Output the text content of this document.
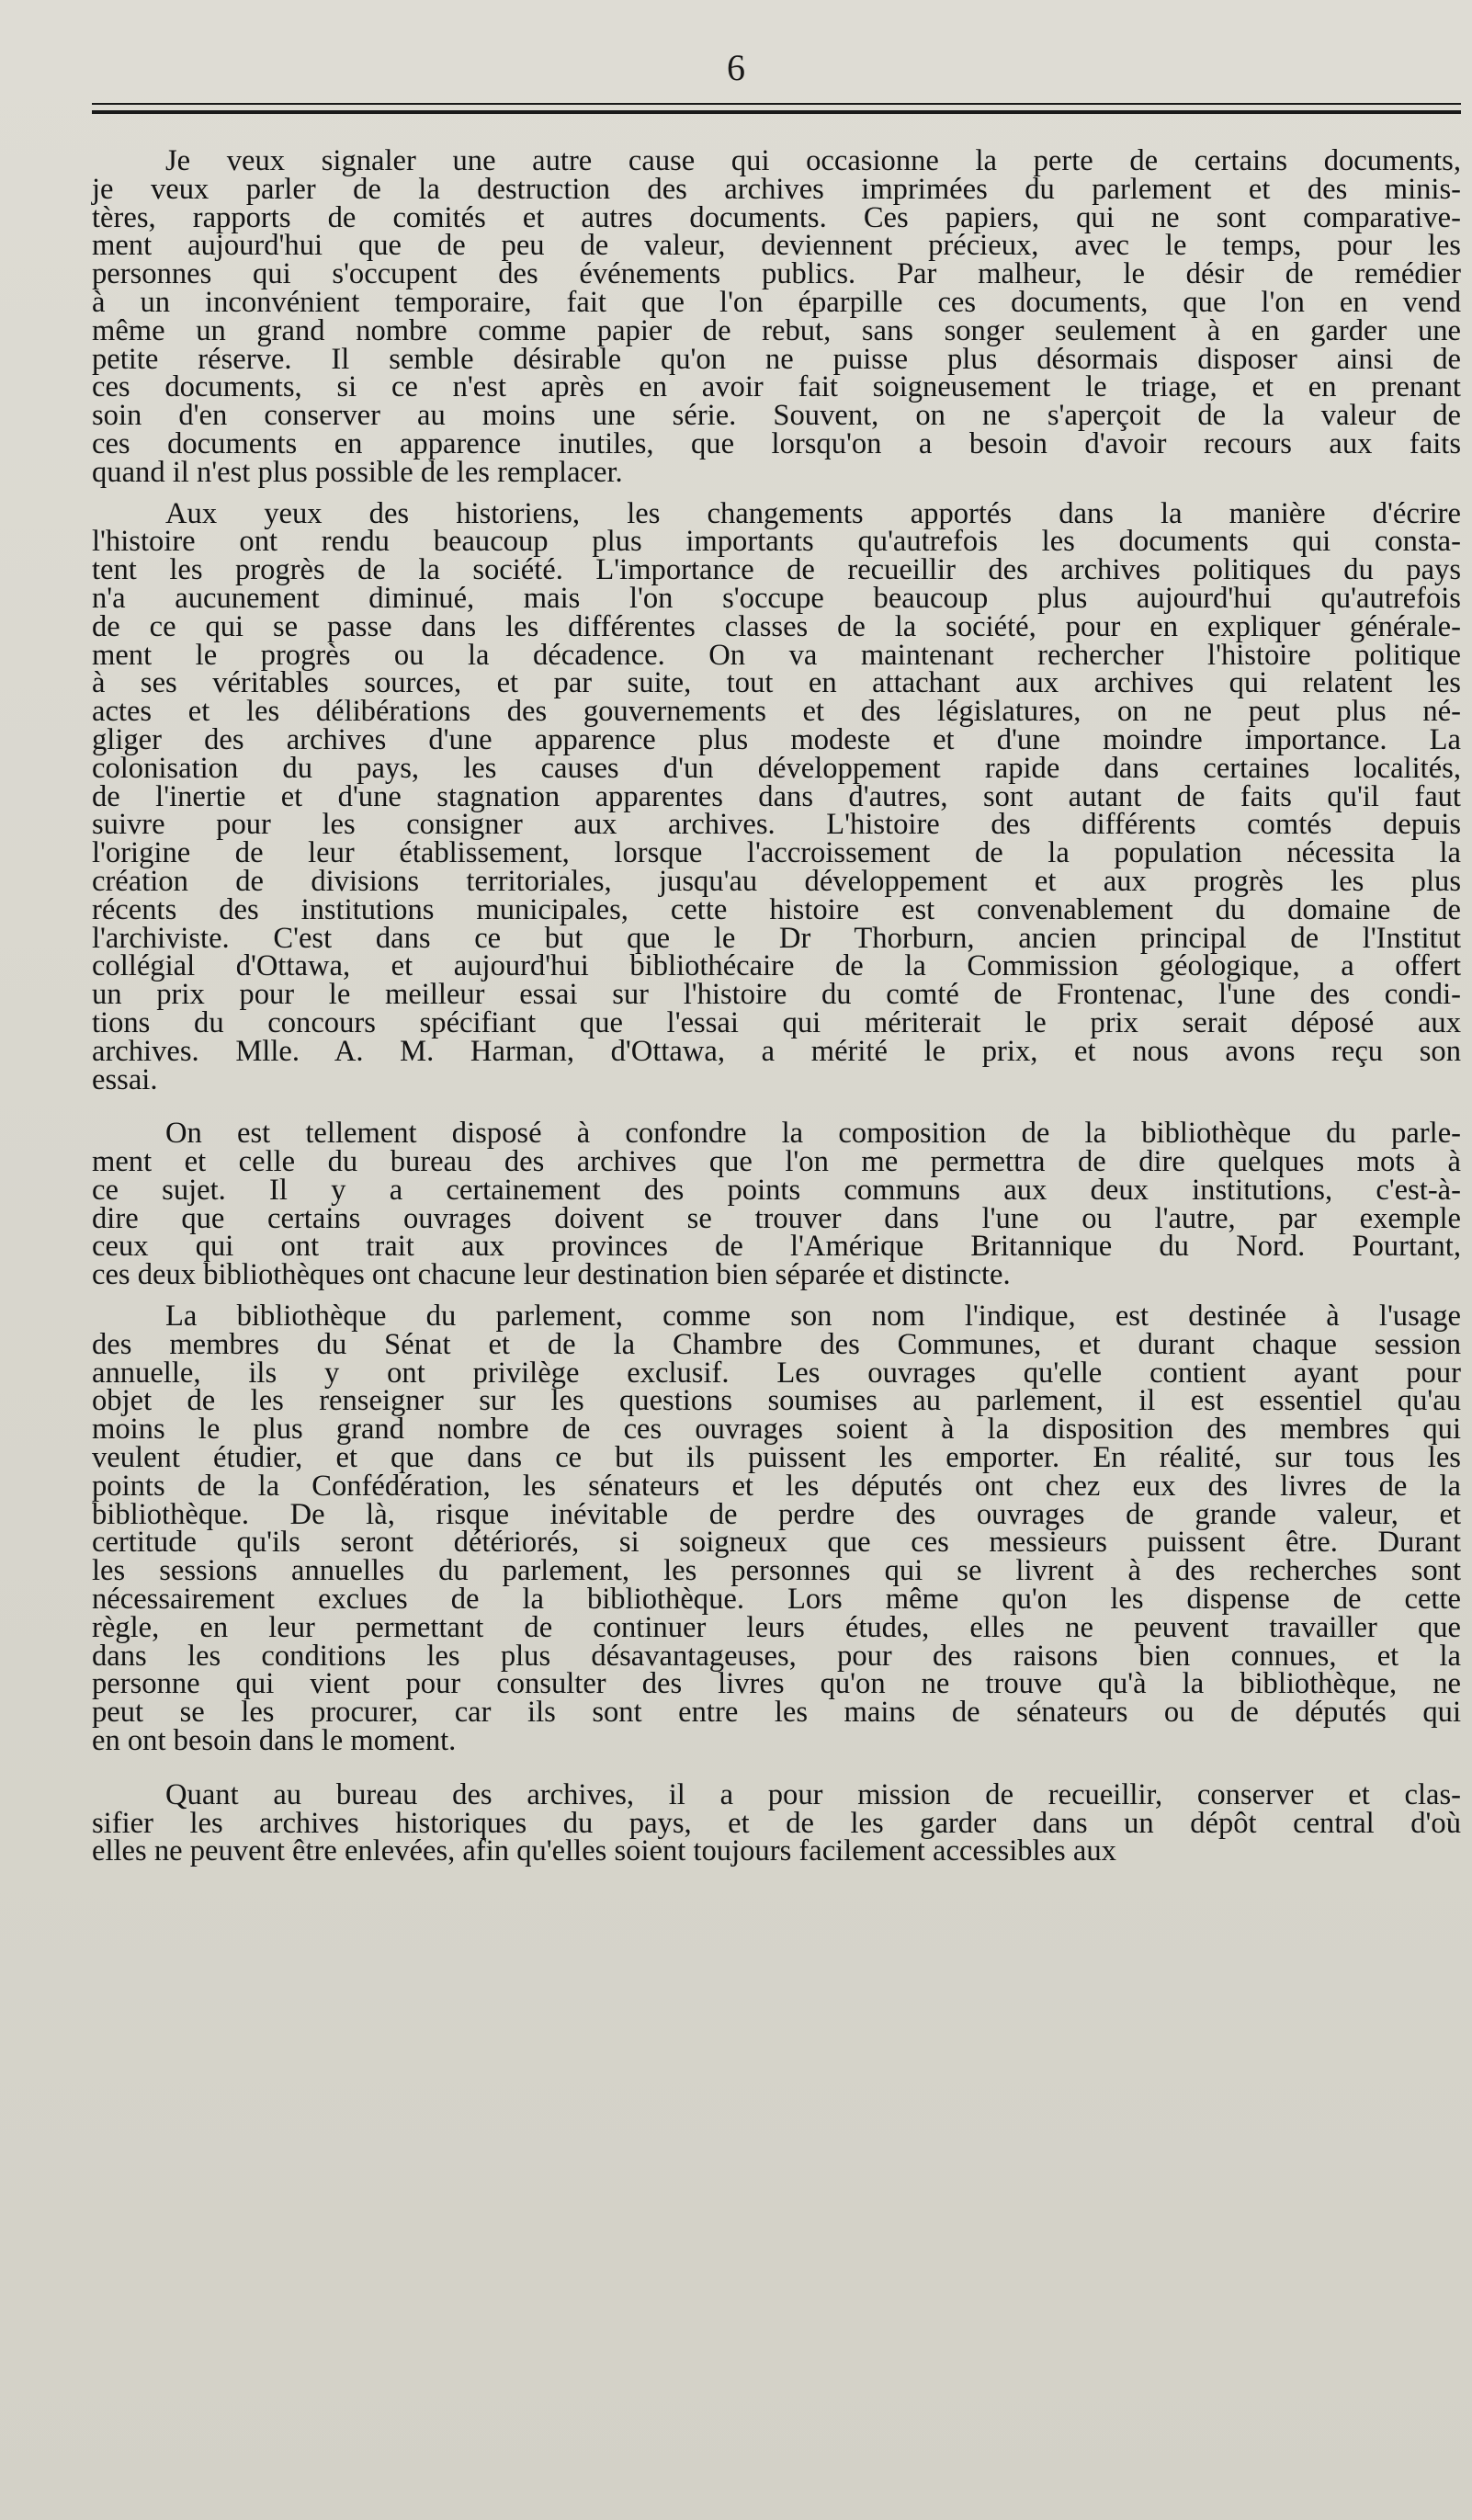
6
Je veux signaler une autre cause qui occasionne la perte de certains documents,
je veux parler de la destruction des archives imprimées du parlement et des minis-
tères, rapports de comités et autres documents. Ces papiers, qui ne sont comparative-
ment aujourd'hui que de peu de valeur, deviennent précieux, avec le temps, pour les
personnes qui s'occupent des événements publics. Par malheur, le désir de remédier
à un inconvénient temporaire, fait que l'on éparpille ces documents, que l'on en vend
même un grand nombre comme papier de rebut, sans songer seulement à en garder une
petite réserve. Il semble désirable qu'on ne puisse plus désormais disposer ainsi de
ces documents, si ce n'est après en avoir fait soigneusement le triage, et en prenant
soin d'en conserver au moins une série. Souvent, on ne s'aperçoit de la valeur de
ces documents en apparence inutiles, que lorsqu'on a besoin d'avoir recours aux faits
quand il n'est plus possible de les remplacer.
Aux yeux des historiens, les changements apportés dans la manière d'écrire
l'histoire ont rendu beaucoup plus importants qu'autrefois les documents qui consta-
tent les progrès de la société. L'importance de recueillir des archives politiques du pays
n'a aucunement diminué, mais l'on s'occupe beaucoup plus aujourd'hui qu'autrefois
de ce qui se passe dans les différentes classes de la société, pour en expliquer générale-
ment le progrès ou la décadence. On va maintenant rechercher l'histoire politique
à ses véritables sources, et par suite, tout en attachant aux archives qui relatent les
actes et les délibérations des gouvernements et des législatures, on ne peut plus né-
gliger des archives d'une apparence plus modeste et d'une moindre importance. La
colonisation du pays, les causes d'un développement rapide dans certaines localités,
de l'inertie et d'une stagnation apparentes dans d'autres, sont autant de faits qu'il faut
suivre pour les consigner aux archives. L'histoire des différents comtés depuis
l'origine de leur établissement, lorsque l'accroissement de la population nécessita la
création de divisions territoriales, jusqu'au développement et aux progrès les plus
récents des institutions municipales, cette histoire est convenablement du domaine de
l'archiviste. C'est dans ce but que le Dr Thorburn, ancien principal de l'Institut
collégial d'Ottawa, et aujourd'hui bibliothécaire de la Commission géologique, a offert
un prix pour le meilleur essai sur l'histoire du comté de Frontenac, l'une des condi-
tions du concours spécifiant que l'essai qui mériterait le prix serait déposé aux
archives. Mlle. A. M. Harman, d'Ottawa, a mérité le prix, et nous avons reçu son
essai.
On est tellement disposé à confondre la composition de la bibliothèque du parle-
ment et celle du bureau des archives que l'on me permettra de dire quelques mots à
ce sujet. Il y a certainement des points communs aux deux institutions, c'est-à-
dire que certains ouvrages doivent se trouver dans l'une ou l'autre, par exemple
ceux qui ont trait aux provinces de l'Amérique Britannique du Nord. Pourtant,
ces deux bibliothèques ont chacune leur destination bien séparée et distincte.
La bibliothèque du parlement, comme son nom l'indique, est destinée à l'usage
des membres du Sénat et de la Chambre des Communes, et durant chaque session
annuelle, ils y ont privilège exclusif. Les ouvrages qu'elle contient ayant pour
objet de les renseigner sur les questions soumises au parlement, il est essentiel qu'au
moins le plus grand nombre de ces ouvrages soient à la disposition des membres qui
veulent étudier, et que dans ce but ils puissent les emporter. En réalité, sur tous les
points de la Confédération, les sénateurs et les députés ont chez eux des livres de la
bibliothèque. De là, risque inévitable de perdre des ouvrages de grande valeur, et
certitude qu'ils seront détériorés, si soigneux que ces messieurs puissent être. Durant
les sessions annuelles du parlement, les personnes qui se livrent à des recherches sont
nécessairement exclues de la bibliothèque. Lors même qu'on les dispense de cette
règle, en leur permettant de continuer leurs études, elles ne peuvent travailler que
dans les conditions les plus désavantageuses, pour des raisons bien connues, et la
personne qui vient pour consulter des livres qu'on ne trouve qu'à la bibliothèque, ne
peut se les procurer, car ils sont entre les mains de sénateurs ou de députés qui
en ont besoin dans le moment.
Quant au bureau des archives, il a pour mission de recueillir, conserver et clas-
sifier les archives historiques du pays, et de les garder dans un dépôt central d'où
elles ne peuvent être enlevées, afin qu'elles soient toujours facilement accessibles aux
